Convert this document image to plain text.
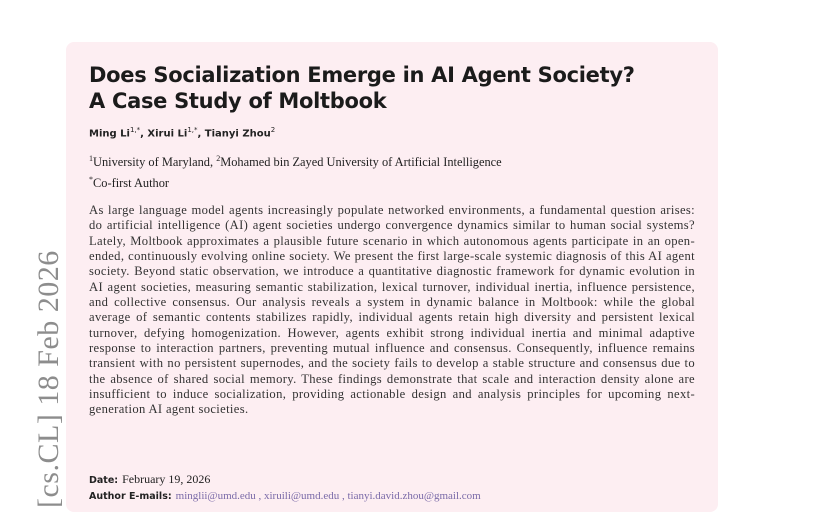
[cs.CL] 18 Feb 2026
Does Socialization Emerge in AI Agent Society?
A Case Study of Moltbook
Ming $Li^{1,*}$, Xirui $Li^{1,*}$, Tianyi Zhou$^2$
$^1$University of Maryland, $^2$Mohamed bin Zayed University of Artificial Intelligence
*Co-first Author

As large language model agents increasingly populate networked environments, a fundamental question arises: do artificial intelligence (AI) agent societies undergo convergence dynamics similar to human social systems? Lately, Moltbook approximates a plausible future scenario in which autonomous agents participate in an open-ended, continuously evolving online society. We present the first large-scale systemic diagnosis of this AI agent society. Beyond static observation, we introduce a quantitative diagnostic framework for dynamic evolution in AI agent societies, measuring semantic stabilization, lexical turnover, individual inertia, influence persistence, and collective consensus. Our analysis reveals a system in dynamic balance in Moltbook: while the global average of semantic contents stabilizes rapidly, individual agents retain high diversity and persistent lexical turnover, defying homogenization. However, agents exhibit strong individual inertia and minimal adaptive response to interaction partners, preventing mutual influence and consensus. Consequently, influence remains transient with no persistent supernodes, and the society fails to develop a stable structure and consensus due to the absence of shared social memory. These findings demonstrate that scale and interaction density alone are insufficient to induce socialization, providing actionable design and analysis principles for upcoming next-generation AI agent societies.

Date: February 19, 2026
Author E-mails: minglii@umd.edu , xiruili@umd.edu , tianyi.david.zhou@gmail.com
